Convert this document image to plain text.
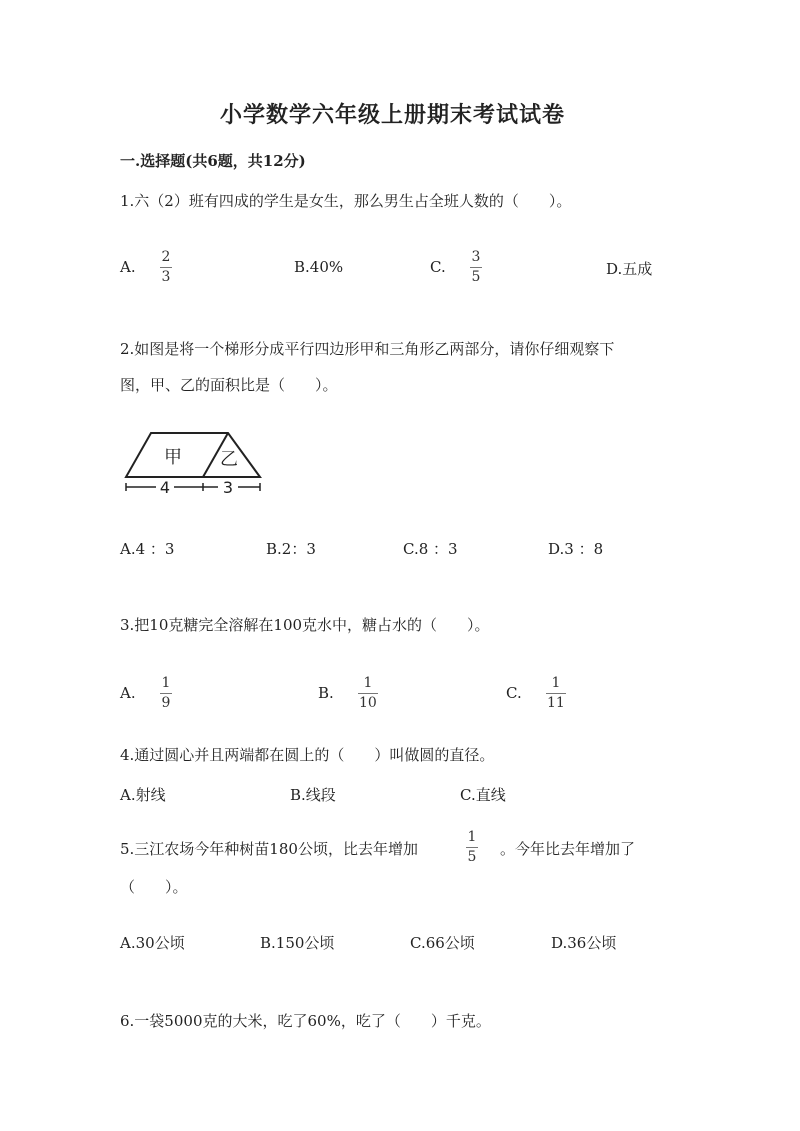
小学数学六年级上册期末考试试卷
一.选择题(共6题，共12分)
1.六（2）班有四成的学生是女生，那么男生占全班人数的（　　）。
A.
2
3
B.40%	C.
3
5	D.五成
2.如图是将一个梯形分成平行四边形甲和三角形乙两部分，请你仔细观察下
图，甲、乙的面积比是（　　）。
甲 乙
4	3
A.4 ：3	B.2：3	C.8 ：3	D.3 ：8
3.把10克糖完全溶解在100克水中，糖占水的（　　）。
A.
1
9
B.
1
10
C.
1
11
4.通过圆心并且两端都在圆上的（　　）叫做圆的直径。
A.射线	B.线段	C.直线
5.三江农场今年种树苗180公顷，比去年增加
1
5 。今年比去年增加了
（　　）。
A.30公顷	B.150公顷	C.66公顷	D.36公顷
6.一袋5000克的大米，吃了60%，吃了（　　）千克。
